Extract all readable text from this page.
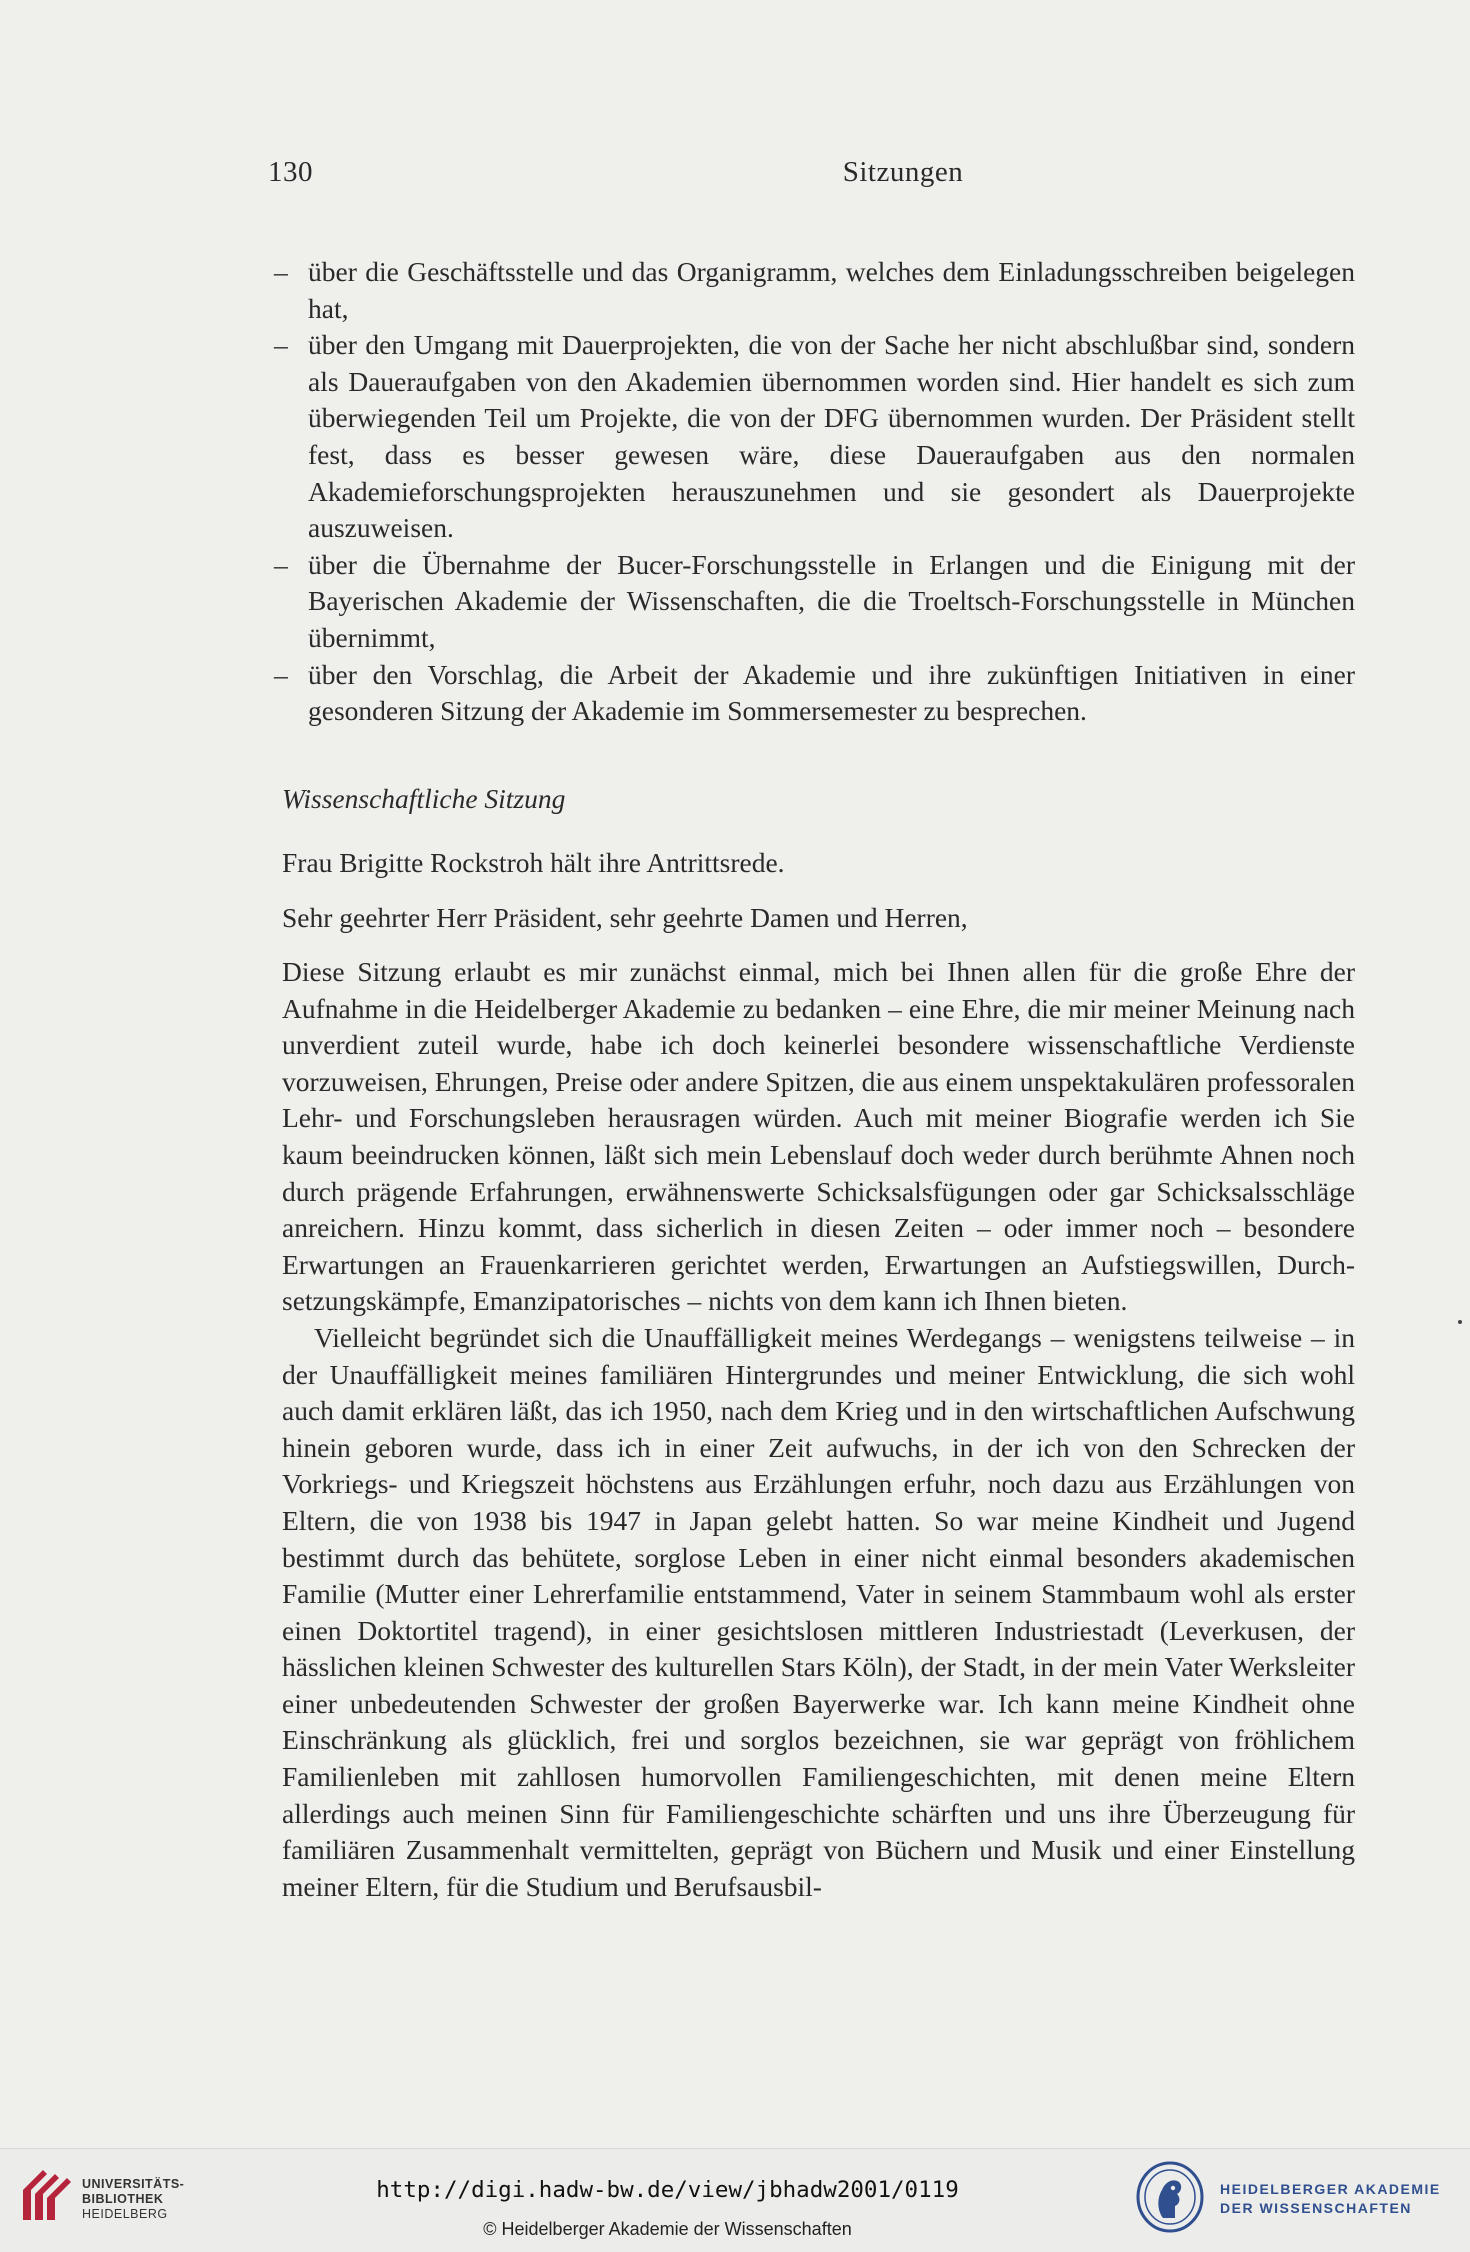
130	Sitzungen
– über die Geschäftsstelle und das Organigramm, welches dem Einladungsschreiben beigelegen hat,
– über den Umgang mit Dauerprojekten, die von der Sache her nicht abschlußbar sind, sondern als Daueraufgaben von den Akademien übernommen worden sind. Hier handelt es sich zum überwiegenden Teil um Projekte, die von der DFG übernommen wurden. Der Präsident stellt fest, dass es besser gewesen wäre, diese Daueraufgaben aus den normalen Akademieforschungsprojekten herauszunehmen und sie gesondert als Dauerprojekte auszuweisen.
– über die Übernahme der Bucer-Forschungsstelle in Erlangen und die Einigung mit der Bayerischen Akademie der Wissenschaften, die die Troeltsch-Forschungsstelle in München übernimmt,
– über den Vorschlag, die Arbeit der Akademie und ihre zukünftigen Initiativen in einer gesonderen Sitzung der Akademie im Sommersemester zu besprechen.
Wissenschaftliche Sitzung
Frau Brigitte Rockstroh hält ihre Antrittsrede.
Sehr geehrter Herr Präsident, sehr geehrte Damen und Herren,

Diese Sitzung erlaubt es mir zunächst einmal, mich bei Ihnen allen für die große Ehre der Aufnahme in die Heidelberger Akademie zu bedanken – eine Ehre, die mir meiner Meinung nach unverdient zuteil wurde, habe ich doch keinerlei besondere wissenschaftliche Verdienste vorzuweisen, Ehrungen, Preise oder andere Spitzen, die aus einem unspektakulären professoralen Lehr- und Forschungsleben herausragen würden. Auch mit meiner Biografie werden ich Sie kaum beeindrucken können, läßt sich mein Lebenslauf doch weder durch berühmte Ahnen noch durch prägende Erfahrungen, erwähnenswerte Schicksalsfügungen oder gar Schicksalsschläge anreichern. Hinzu kommt, dass sicherlich in diesen Zeiten – oder immer noch – besondere Erwartungen an Frauenkarrieren gerichtet werden, Erwartungen an Aufstiegswillen, Durchsetzungskämpfe, Emanzipatorisches – nichts von dem kann ich Ihnen bieten.

Vielleicht begründet sich die Unauffälligkeit meines Werdegangs – wenigstens teilweise – in der Unauffälligkeit meines familiären Hintergrundes und meiner Entwicklung, die sich wohl auch damit erklären läßt, das ich 1950, nach dem Krieg und in den wirtschaftlichen Aufschwung hinein geboren wurde, dass ich in einer Zeit aufwuchs, in der ich von den Schrecken der Vorkriegs- und Kriegszeit höchstens aus Erzählungen erfuhr, noch dazu aus Erzählungen von Eltern, die von 1938 bis 1947 in Japan gelebt hatten. So war meine Kindheit und Jugend bestimmt durch das behütete, sorglose Leben in einer nicht einmal besonders akademischen Familie (Mutter einer Lehrerfamilie entstammend, Vater in seinem Stammbaum wohl als erster einen Doktortitel tragend), in einer gesichtslosen mittleren Industriestadt (Leverkusen, der hässlichen kleinen Schwester des kulturellen Stars Köln), der Stadt, in der mein Vater Werksleiter einer unbedeutenden Schwester der großen Bayerwerke war. Ich kann meine Kindheit ohne Einschränkung als glücklich, frei und sorglos bezeichnen, sie war geprägt von fröhlichem Familienleben mit zahllosen humorvollen Familiengeschichten, mit denen meine Eltern allerdings auch meinen Sinn für Familiengeschichte schärften und uns ihre Überzeugung für familiären Zusammenhalt vermittelten, geprägt von Büchern und Musik und einer Einstellung meiner Eltern, für die Studium und Berufsausbil-

UNIVERSITÄTS-
BIBLIOTHEK
HEIDELBERG
http://digi.hadw-bw.de/view/jbhadw2001/0119
© Heidelberger Akademie der Wissenschaften
HEIDELBERGER AKADEMIE
DER WISSENSCHAFTEN
